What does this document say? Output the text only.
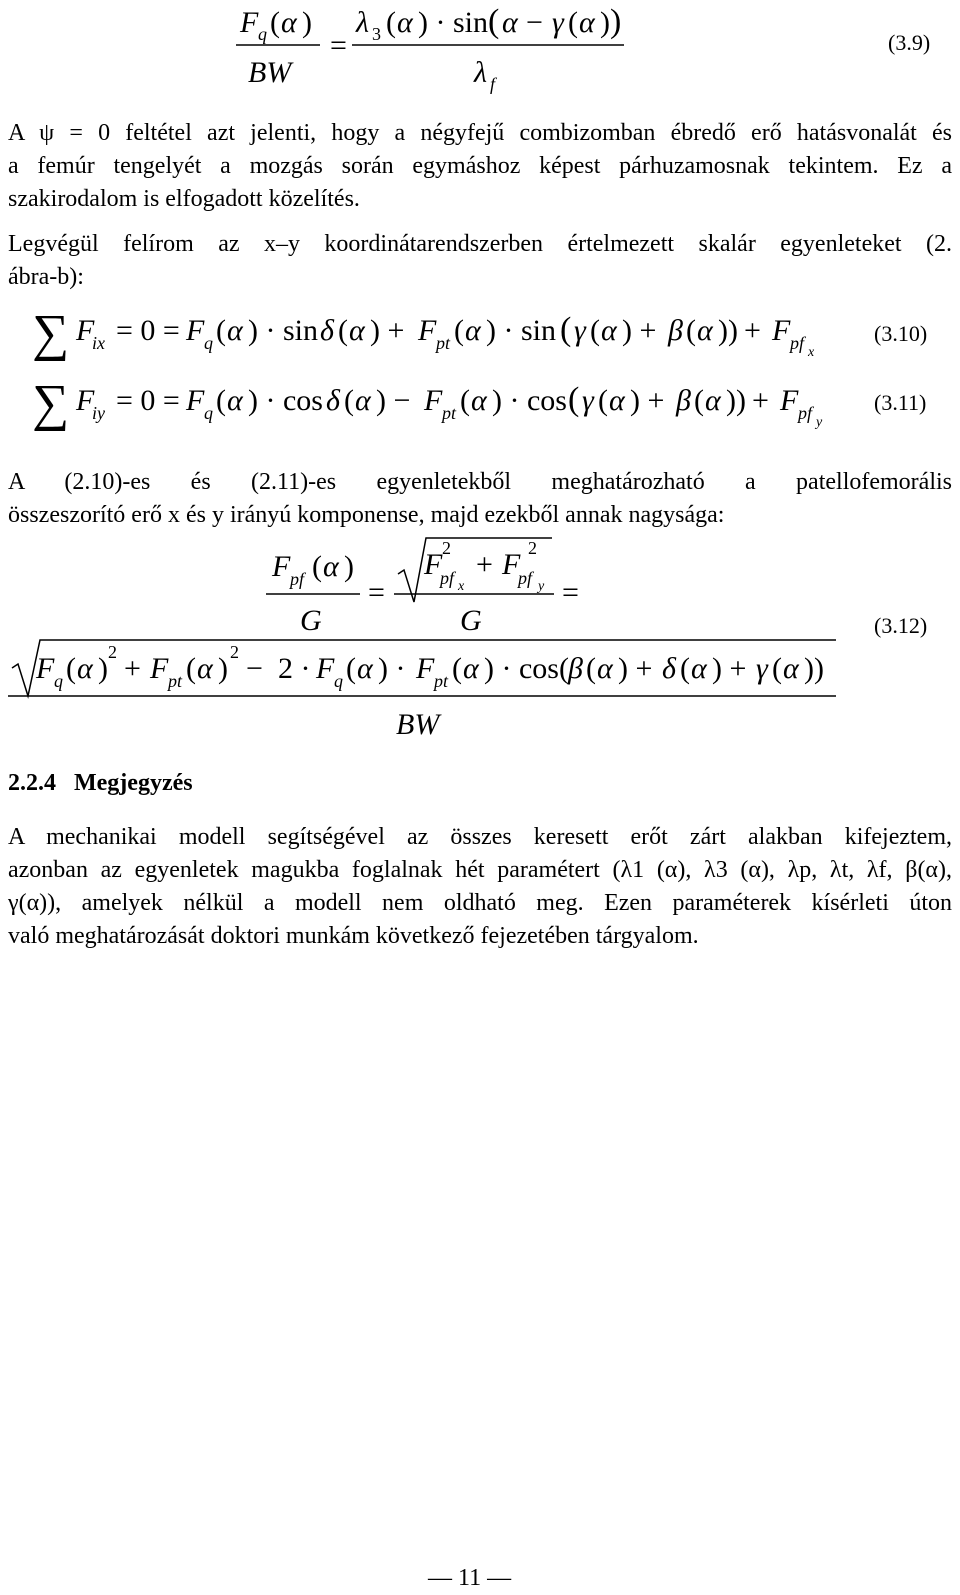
F q ( α )
BW
=
λ 3 ( α ) · sin ( α − γ ( α ) )
λ f
(3.9)
A ψ = 0 feltétel azt jelenti, hogy a négyfejű combizomban ébredő erő hatásvonalát és
a femúr tengelyét a mozgás során egymáshoz képest párhuzamosnak tekintem. Ez a
szakirodalom is elfogadott közelítés.
Legvégül felírom az x–y koordinátarendszerben értelmezett skalár egyenleteket (2.
ábra-b):
∑ F
ix = 0 = F q ( α ) · sin δ ( α ) + F pt ( α ) · sin ( γ ( α ) + β ( α )) + F pf x
(3.10)
∑ F
iy = 0 = F q ( α ) · cos δ ( α ) − F pt ( α ) · cos ( γ ( α ) + β ( α )) + F pf y
(3.11)
A (2.10)-es és (2.11)-es egyenletekből meghatározható a patellofemorális
összeszorító erő x és y irányú komponense, majd ezekből annak nagysága:
F pf ( α )
G
=
F 2
pf x
+ F 2
pf y
G
=
F q ( α ) 2 + F pt ( α ) 2 − 2 · F q ( α ) · F pt ( α ) · cos( β ( α ) + δ ( α ) + γ ( α ))
BW
(3.12)
2.2.4   Megjegyzés
A mechanikai modell segítségével az összes keresett erőt zárt alakban kifejeztem,
azonban az egyenletek magukba foglalnak hét paramétert (λ1 (α), λ3 (α), λp, λt, λf, β(α),
γ(α)), amelyek nélkül a modell nem oldható meg. Ezen paraméterek kísérleti úton
való meghatározását doktori munkám következő fejezetében tárgyalom.
— 11 —
